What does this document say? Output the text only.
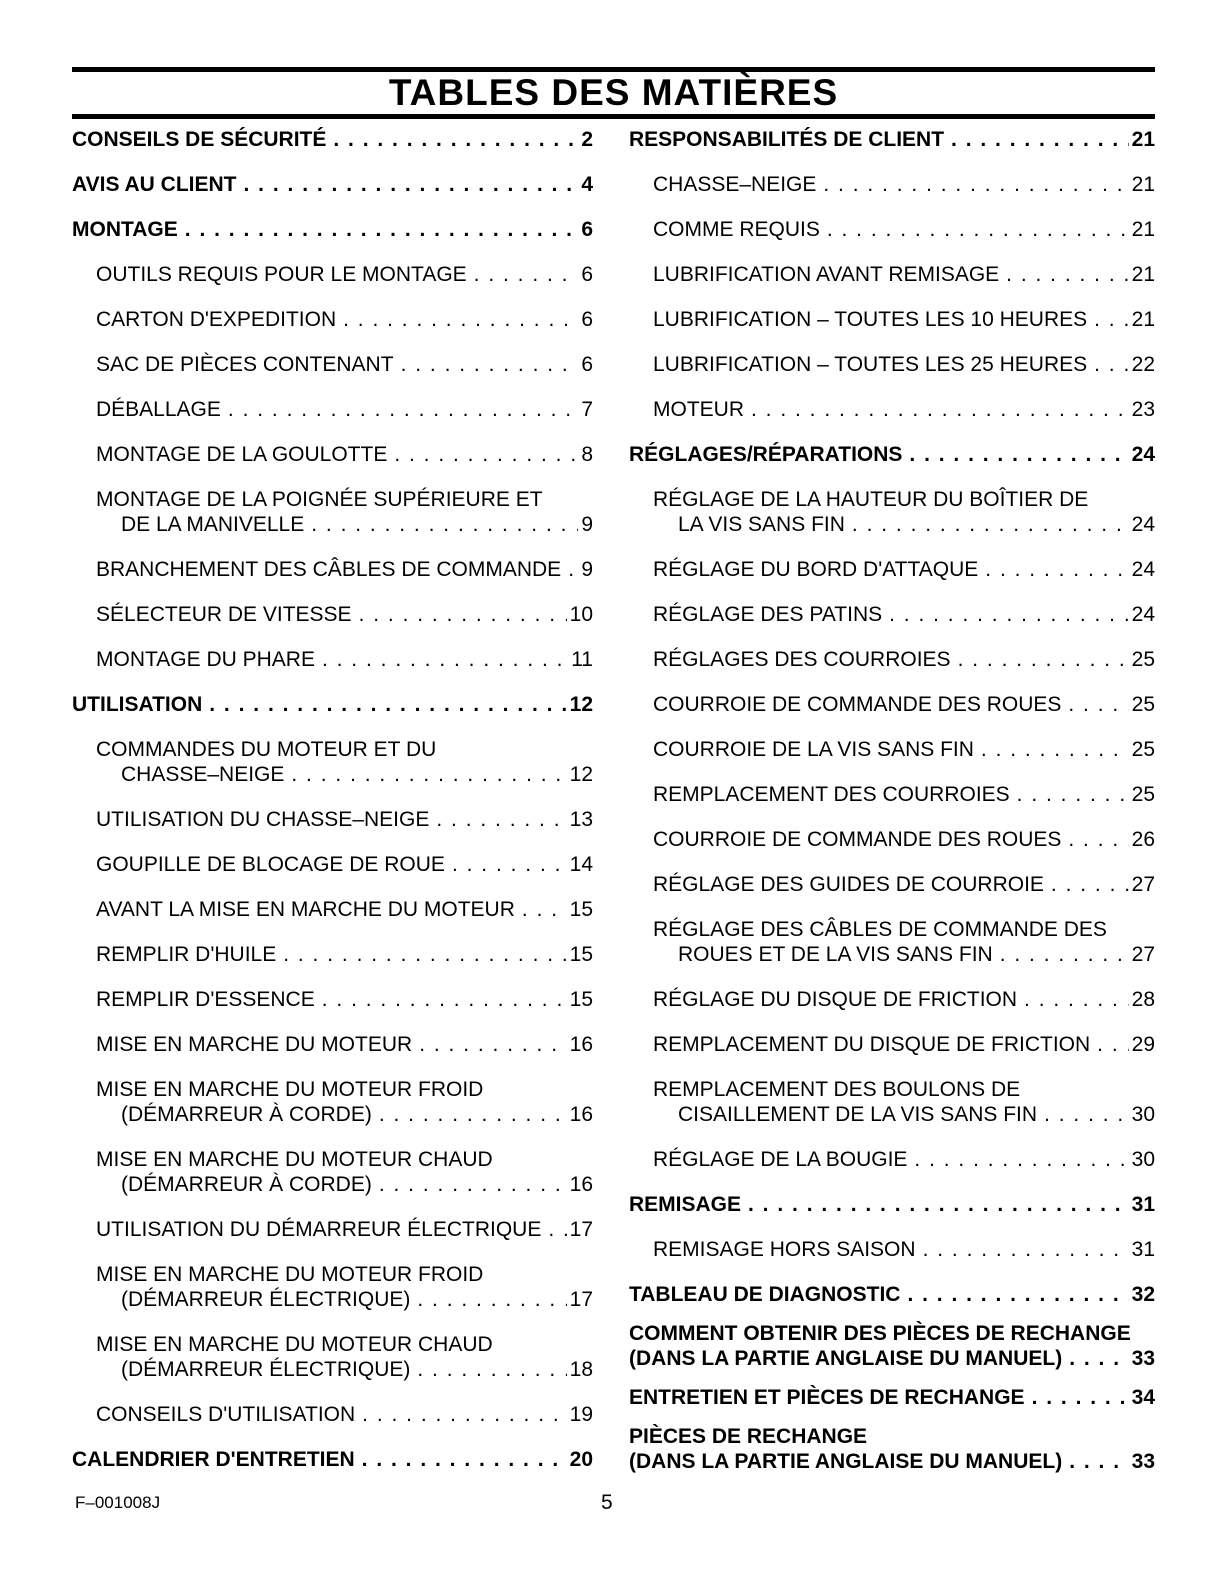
TABLES DES MATIÈRES
CONSEILS DE SÉCURITÉ . . .	2
AVIS AU CLIENT . . .	4
MONTAGE . . .	6
OUTILS REQUIS POUR LE MONTAGE . . .	6
CARTON D'EXPEDITION . . .	6
SAC DE PIÈCES CONTENANT . . .	6
DÉBALLAGE . . .	7
MONTAGE DE LA GOULOTTE . . .	8
MONTAGE DE LA POIGNÉE SUPÉRIEURE ET
DE LA MANIVELLE . . .	9
BRANCHEMENT DES CÂBLES DE COMMANDE . . . 9
SÉLECTEUR DE VITESSE . . .	10
MONTAGE DU PHARE . . .	11
UTILISATION . . .	12
COMMANDES DU MOTEUR ET DU
CHASSE–NEIGE . . .	12
UTILISATION DU CHASSE–NEIGE . . .	13
GOUPILLE DE BLOCAGE DE ROUE . . .	14
AVANT LA MISE EN MARCHE DU MOTEUR . . .	15
REMPLIR D'HUILE . . .	15
REMPLIR D'ESSENCE . . .	15
MISE EN MARCHE DU MOTEUR . . .	16
MISE EN MARCHE DU MOTEUR FROID
(DÉMARREUR À CORDE) . . .	16
MISE EN MARCHE DU MOTEUR CHAUD
(DÉMARREUR À CORDE) . . .	16
UTILISATION DU DÉMARREUR ÉLECTRIQUE . . . 17
MISE EN MARCHE DU MOTEUR FROID
(DÉMARREUR ÉLECTRIQUE) . . .	17
MISE EN MARCHE DU MOTEUR CHAUD
(DÉMARREUR ÉLECTRIQUE) . . .	18
CONSEILS D'UTILISATION . . .	19
CALENDRIER D'ENTRETIEN . . .	20
RESPONSABILITÉS DE CLIENT . . .	21
CHASSE–NEIGE . . .	21
COMME REQUIS . . .	21
LUBRIFICATION AVANT REMISAGE . . .	21
LUBRIFICATION – TOUTES LES 10 HEURES . . . 21
LUBRIFICATION – TOUTES LES 25 HEURES . . . 22
MOTEUR . . .	23
RÉGLAGES/RÉPARATIONS . . .	24
RÉGLAGE DE LA HAUTEUR DU BOÎTIER DE
LA VIS SANS FIN . . .	24
RÉGLAGE DU BORD D'ATTAQUE . . .	24
RÉGLAGE DES PATINS . . .	24
RÉGLAGES DES COURROIES . . .	25
COURROIE DE COMMANDE DES ROUES . . .	25
COURROIE DE LA VIS SANS FIN . . .	25
REMPLACEMENT DES COURROIES . . .	25
COURROIE DE COMMANDE DES ROUES . . .	26
RÉGLAGE DES GUIDES DE COURROIE . . .	27
RÉGLAGE DES CÂBLES DE COMMANDE DES
ROUES ET DE LA VIS SANS FIN . . .	27
RÉGLAGE DU DISQUE DE FRICTION . . .	28
REMPLACEMENT DU DISQUE DE FRICTION . . . 29
REMPLACEMENT DES BOULONS DE
CISAILLEMENT DE LA VIS SANS FIN . . .	30
RÉGLAGE DE LA BOUGIE . . .	30
REMISAGE . . .	31
REMISAGE HORS SAISON . . .	31
TABLEAU DE DIAGNOSTIC . . .	32
COMMENT OBTENIR DES PIÈCES DE RECHANGE
(DANS LA PARTIE ANGLAISE DU MANUEL) . . .	33
ENTRETIEN ET PIÈCES DE RECHANGE . . .	34
PIÈCES DE RECHANGE
(DANS LA PARTIE ANGLAISE DU MANUEL) . . .	33
F–001008J	5
